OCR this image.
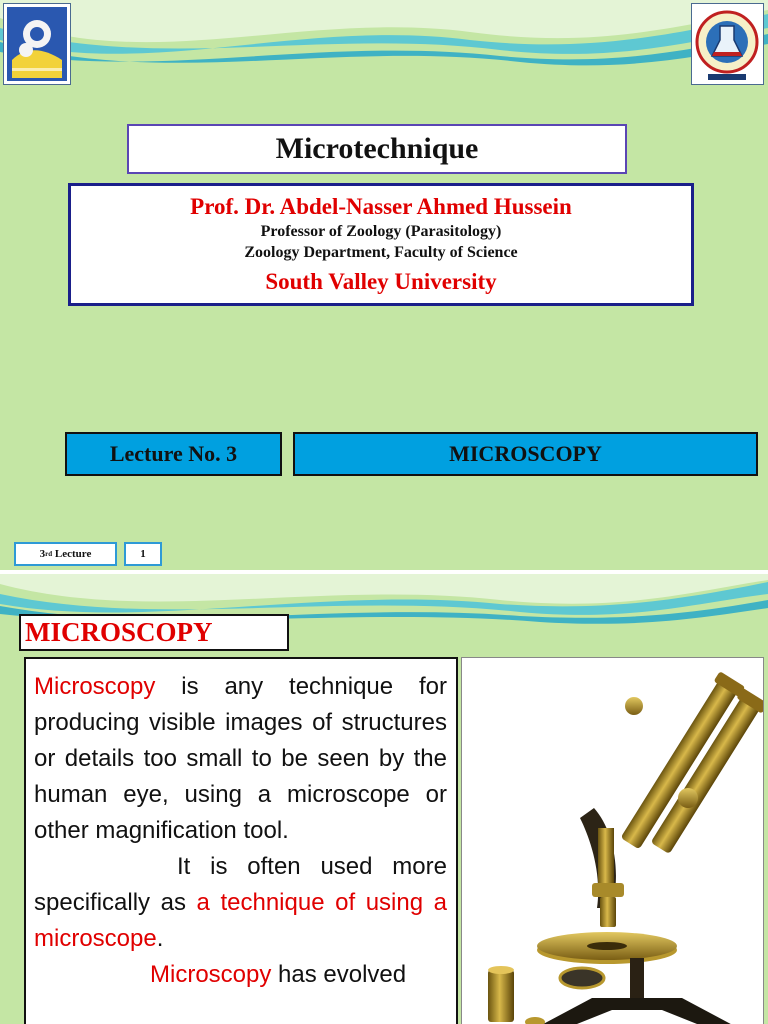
Microtechnique
Prof. Dr. Abdel-Nasser Ahmed Hussein
Professor of Zoology (Parasitology)
Zoology Department, Faculty of Science
South Valley University
Lecture No. 3	MICROSCOPY
3 rd
Lecture	1
MICROSCOPY
Microscopy is any technique for producing visible images of structures or details too small to be seen by the human eye, using a microscope or other magnification tool.
It is often used more specifically as a technique of using a microscope.
Microscopy has evolved
